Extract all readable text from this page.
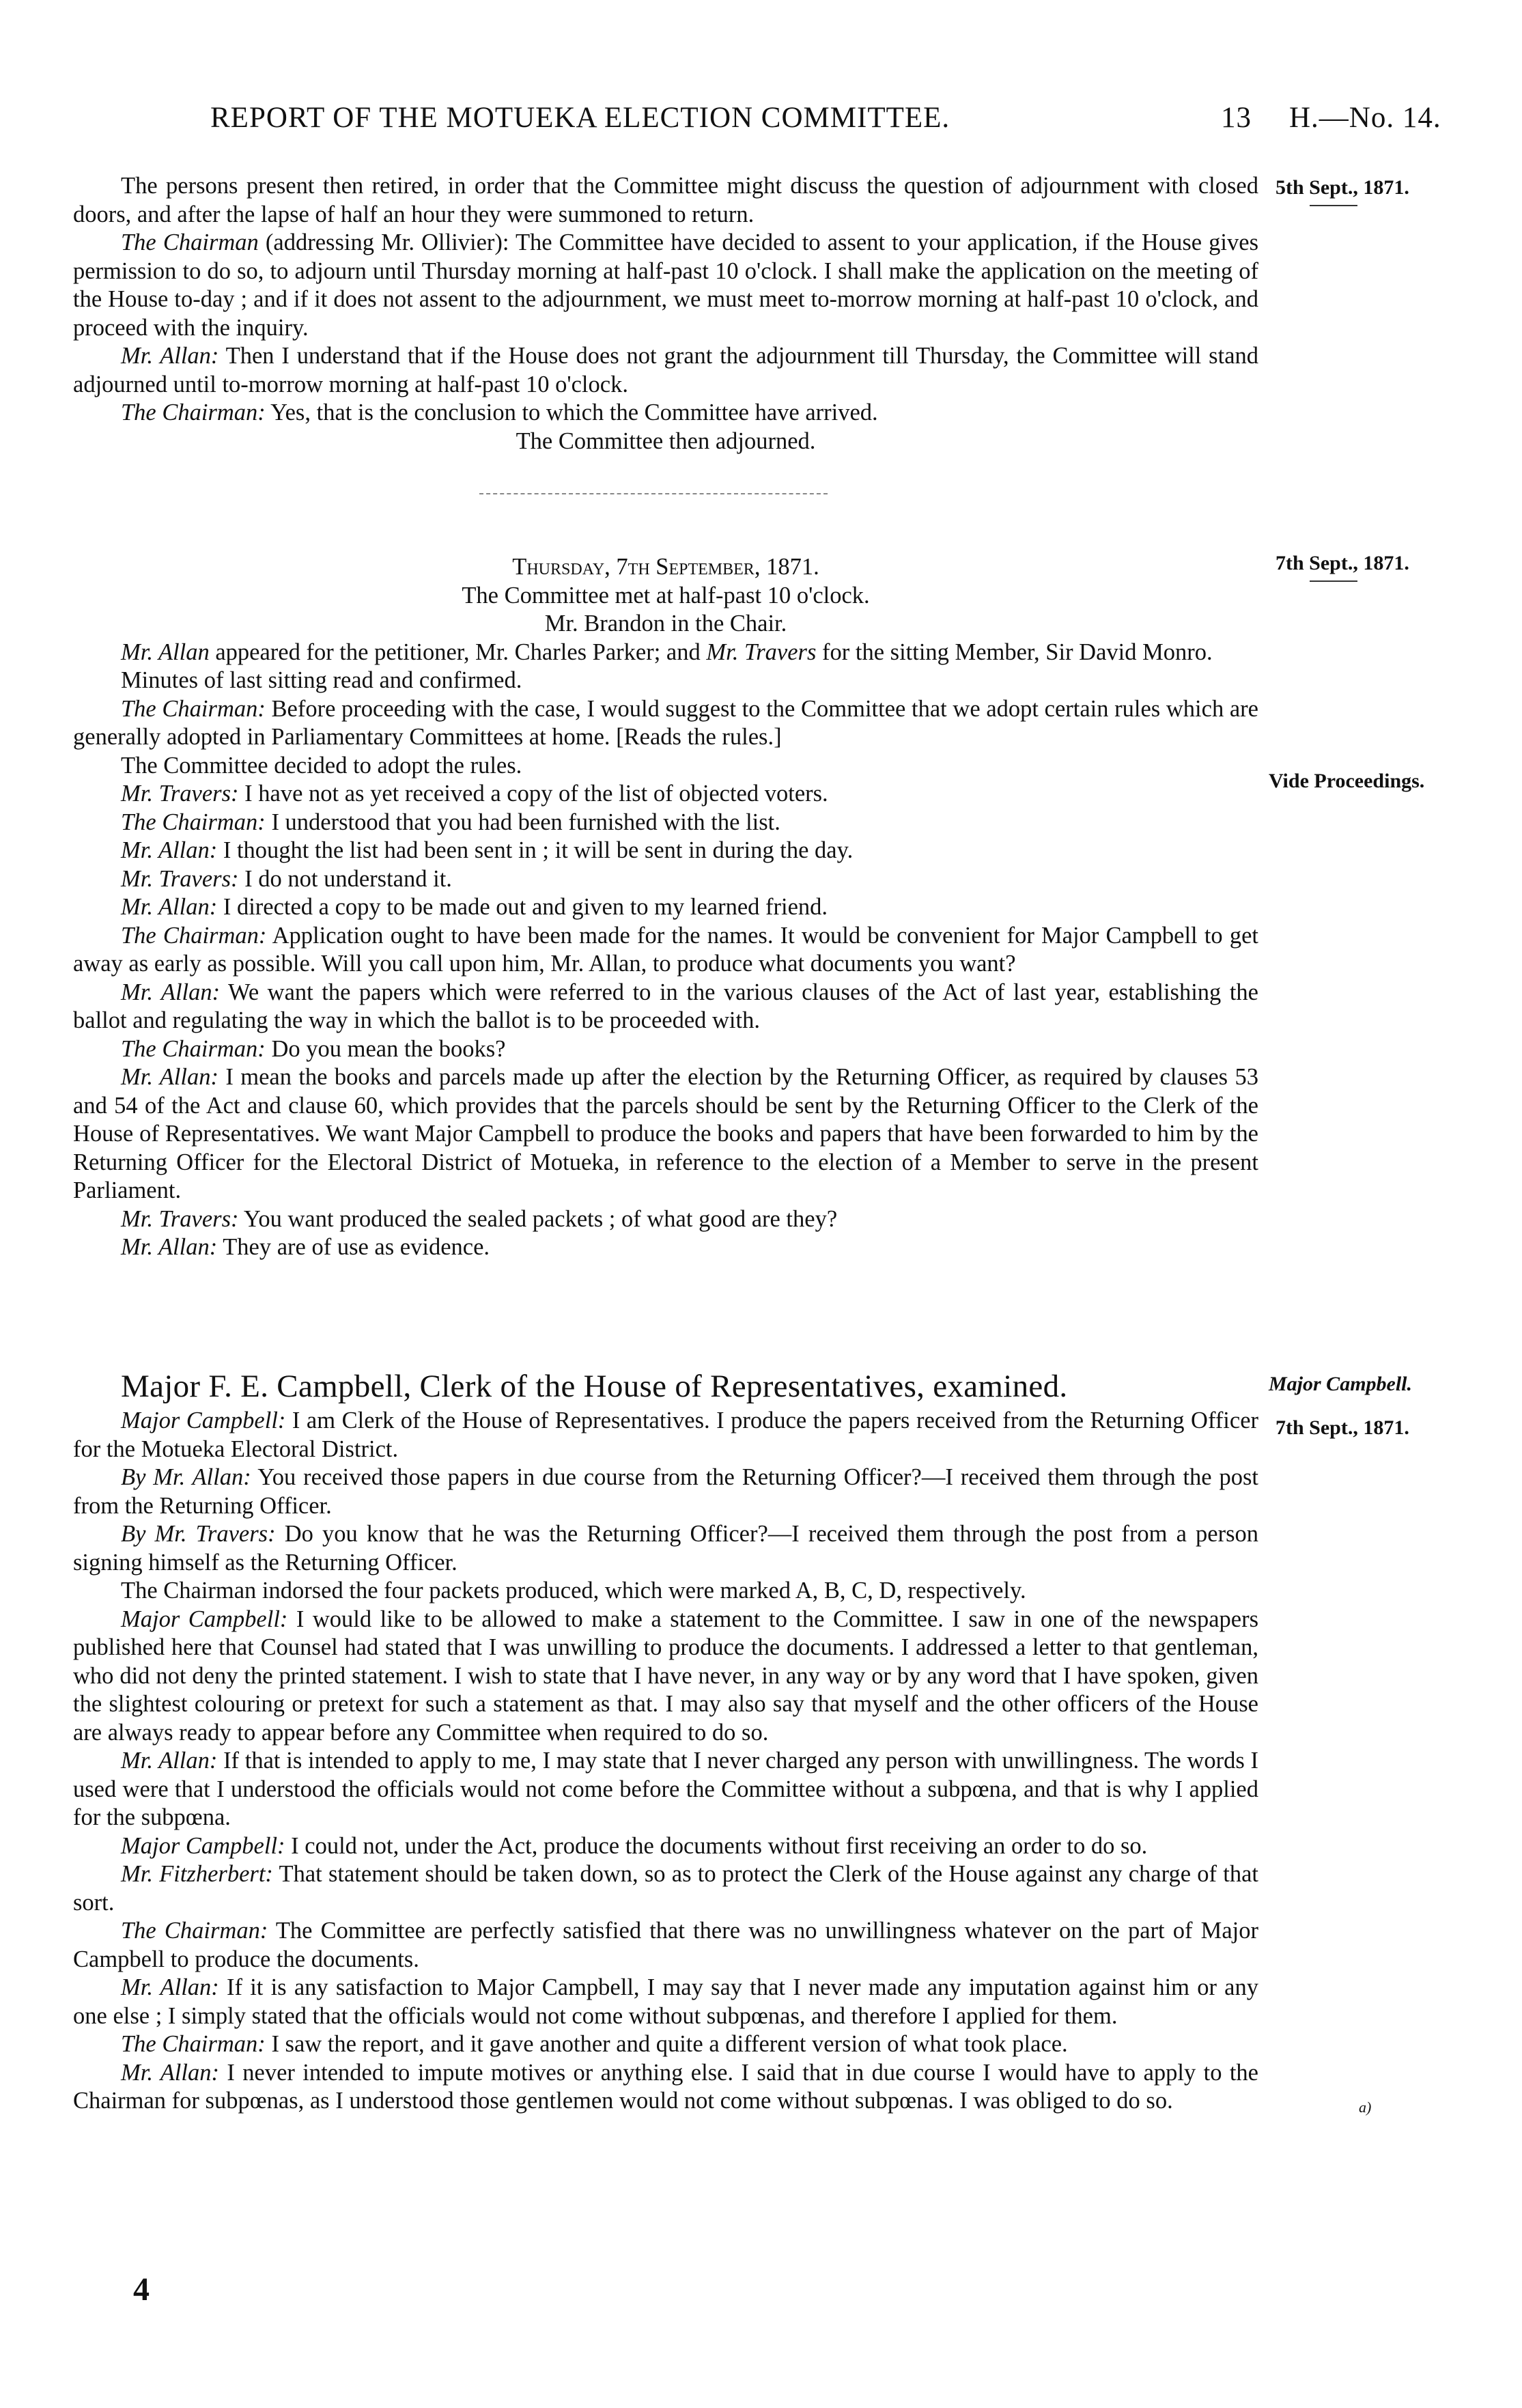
REPORT OF THE MOTUEKA ELECTION COMMITTEE.	13 H.—No. 14.
5th Sept., 1871.
7th Sept., 1871.
Vide Proceedings.
Major Campbell.
7th Sept., 1871.
a)

The persons present then retired, in order that the Committee might discuss the question of adjournment with closed doors, and after the lapse of half an hour they were summoned to return.

The Chairman (addressing Mr. Ollivier): The Committee have decided to assent to your application, if the House gives permission to do so, to adjourn until Thursday morning at half-past 10 o'clock. I shall make the application on the meeting of the House to-day ; and if it does not assent to the adjournment, we must meet to-morrow morning at half-past 10 o'clock, and proceed with the inquiry.

Mr. Allan: Then I understand that if the House does not grant the adjournment till Thursday, the Committee will stand adjourned until to-morrow morning at half-past 10 o'clock.

The Chairman: Yes, that is the conclusion to which the Committee have arrived.

The Committee then adjourned.

Thursday, 7th September, 1871.

The Committee met at half-past 10 o'clock.

Mr. Brandon in the Chair.

Mr. Allan appeared for the petitioner, Mr. Charles Parker; and Mr. Travers for the sitting Member, Sir David Monro.

Minutes of last sitting read and confirmed.

The Chairman: Before proceeding with the case, I would suggest to the Committee that we adopt certain rules which are generally adopted in Parliamentary Committees at home. [Reads the rules.]

The Committee decided to adopt the rules.

Mr. Travers: I have not as yet received a copy of the list of objected voters.

The Chairman: I understood that you had been furnished with the list.

Mr. Allan: I thought the list had been sent in ; it will be sent in during the day.

Mr. Travers: I do not understand it.

Mr. Allan: I directed a copy to be made out and given to my learned friend.

The Chairman: Application ought to have been made for the names. It would be convenient for Major Campbell to get away as early as possible. Will you call upon him, Mr. Allan, to produce what documents you want?

Mr. Allan: We want the papers which were referred to in the various clauses of the Act of last year, establishing the ballot and regulating the way in which the ballot is to be proceeded with.

The Chairman: Do you mean the books?

Mr. Allan: I mean the books and parcels made up after the election by the Returning Officer, as required by clauses 53 and 54 of the Act and clause 60, which provides that the parcels should be sent by the Returning Officer to the Clerk of the House of Representatives. We want Major Campbell to produce the books and papers that have been forwarded to him by the Returning Officer for the Electoral District of Motueka, in reference to the election of a Member to serve in the present Parliament.

Mr. Travers: You want produced the sealed packets ; of what good are they?

Mr. Allan: They are of use as evidence.

Major F. E. Campbell, Clerk of the House of Representatives, examined.

Major Campbell: I am Clerk of the House of Representatives. I produce the papers received from the Returning Officer for the Motueka Electoral District.

By Mr. Allan: You received those papers in due course from the Returning Officer?—I received them through the post from the Returning Officer.

By Mr. Travers: Do you know that he was the Returning Officer?—I received them through the post from a person signing himself as the Returning Officer.

The Chairman indorsed the four packets produced, which were marked A, B, C, D, respectively.

Major Campbell: I would like to be allowed to make a statement to the Committee. I saw in one of the newspapers published here that Counsel had stated that I was unwilling to produce the documents. I addressed a letter to that gentleman, who did not deny the printed statement. I wish to state that I have never, in any way or by any word that I have spoken, given the slightest colouring or pretext for such a statement as that. I may also say that myself and the other officers of the House are always ready to appear before any Committee when required to do so.

Mr. Allan: If that is intended to apply to me, I may state that I never charged any person with unwillingness. The words I used were that I understood the officials would not come before the Committee without a subpœna, and that is why I applied for the subpœna.

Major Campbell: I could not, under the Act, produce the documents without first receiving an order to do so.

Mr. Fitzherbert: That statement should be taken down, so as to protect the Clerk of the House against any charge of that sort.

The Chairman: The Committee are perfectly satisfied that there was no unwillingness whatever on the part of Major Campbell to produce the documents.

Mr. Allan: If it is any satisfaction to Major Campbell, I may say that I never made any imputation against him or any one else ; I simply stated that the officials would not come without subpœnas, and therefore I applied for them.

The Chairman: I saw the report, and it gave another and quite a different version of what took place.

Mr. Allan: I never intended to impute motives or anything else. I said that in due course I would have to apply to the Chairman for subpœnas, as I understood those gentlemen would not come without subpœnas. I was obliged to do so.

4
